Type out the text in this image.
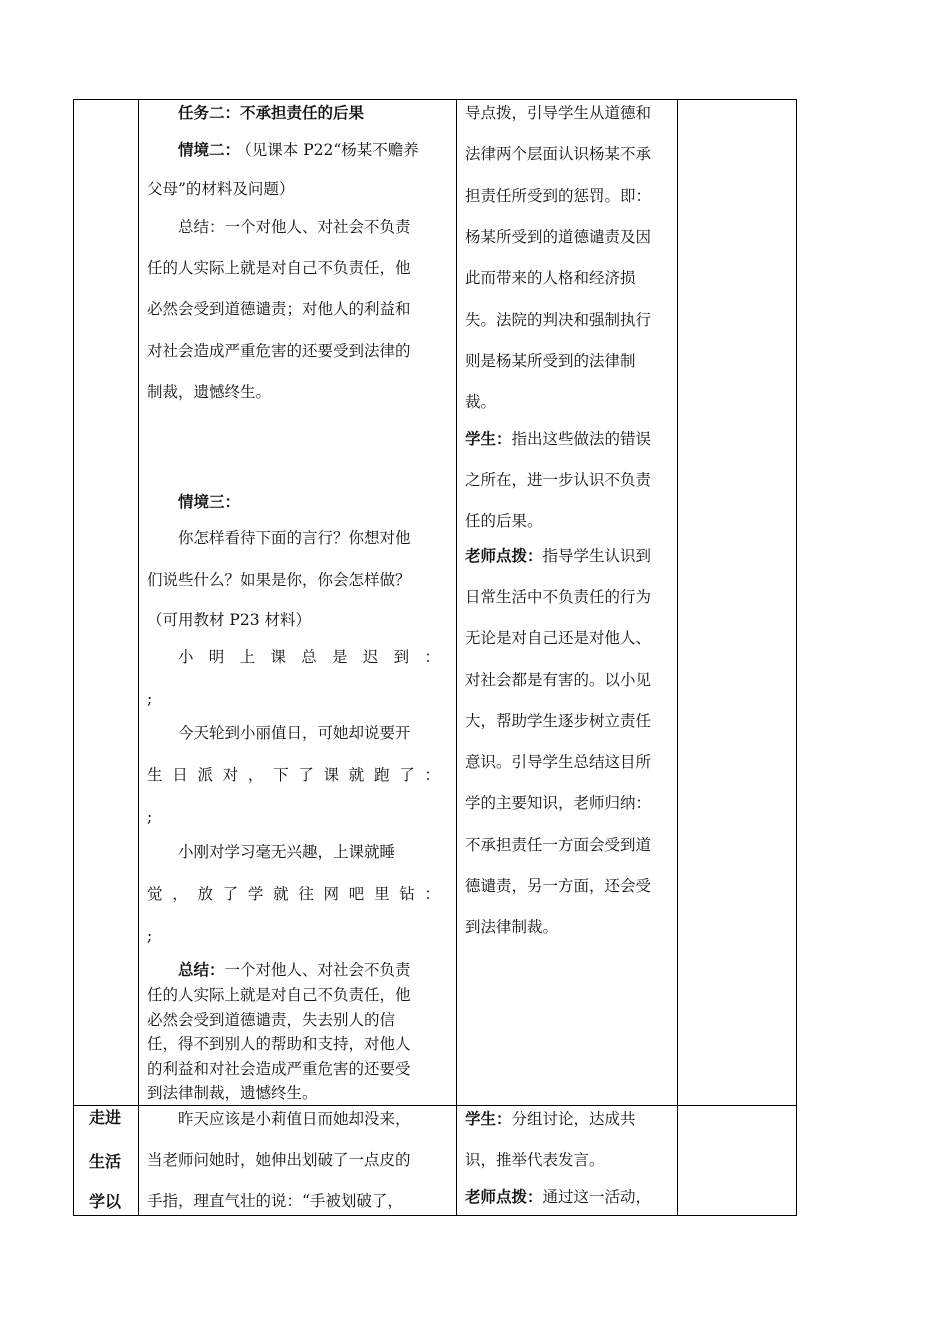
走进
生活
学以
任务二：不承担责任的后果
情境二： （见课本 P22“杨某不赡养
父母”的材料及问题）
总结：一个对他人、对社会不负责
任的人实际上就是对自己不负责任，他
必然会受到道德谴责；对他人的利益和
对社会造成严重危害的还要受到法律的
制裁，遗憾终生。
情境三：
你怎样看待下面的言行？你想对他
们说些什么？如果是你，你会怎样做？
（可用教材 P23 材料）
小 明 上 课 总 是 迟 到 ：
;
今天轮到小丽值日，可她却说要开
生 日 派 对 ， 下 了 课 就 跑 了 ：
;
小刚对学习毫无兴趣，上课就睡
觉 ， 放 了 学 就 往 网 吧 里 钻 ：
;
总结：一个对他人、对社会不负责
任的人实际上就是对自己不负责任，他
必然会受到道德谴责，失去别人的信
任，得不到别人的帮助和支持，对他人
的利益和对社会造成严重危害的还要受
到法律制裁，遗憾终生。
昨天应该是小莉值日而她却没来，
当老师问她时，她伸出划破了一点皮的
手指，理直气壮的说：“手被划破了，
导点拨，引导学生从道德和
法律两个层面认识杨某不承
担责任所受到的惩罚。即：
杨某所受到的道德谴责及因
此而带来的人格和经济损
失。法院的判决和强制执行
则是杨某所受到的法律制
裁。
学生：指出这些做法的错误
之所在，进一步认识不负责
任的后果。
老师点拨：指导学生认识到
日常生活中不负责任的行为
无论是对自己还是对他人、
对社会都是有害的。以小见
大，帮助学生逐步树立责任
意识。引导学生总结这目所
学的主要知识，老师归纳：
不承担责任一方面会受到道
德谴责，另一方面，还会受
到法律制裁。
学生：分组讨论，达成共
识，推举代表发言。
老师点拨：通过这一活动，
